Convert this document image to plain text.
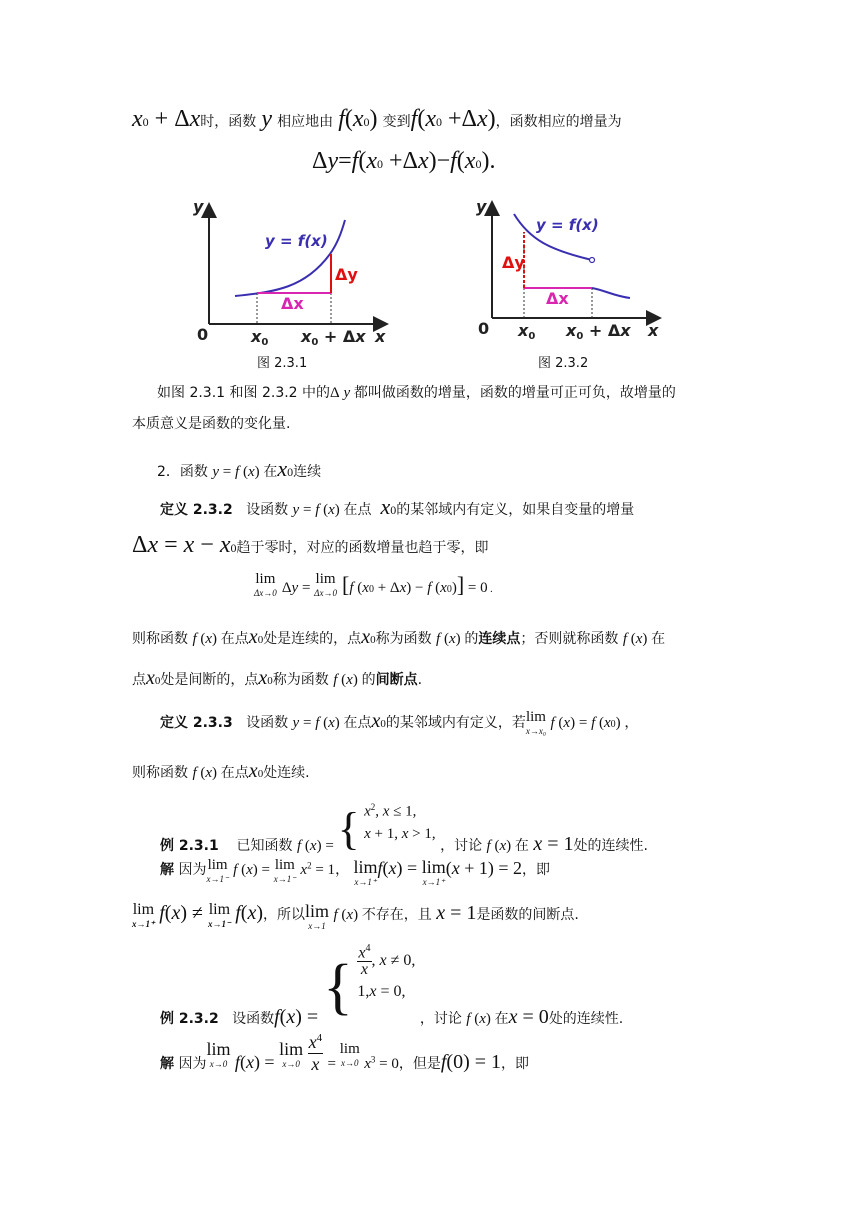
x0 + Δx时，函数 y 相应地由 f(x0) 变到f(x0 +Δx)，函数相应的增量为
Δy=f(x0 +Δx)−f(x0).
y
y = f(x)
Δy
Δx
0	x0 x0 + Δx x
图 2.3.1
y
y = f(x)
Δy
Δx
0 x0 x0 + Δx x
图 2.3.2
如图 2.3.1 和图 2.3.2 中的Δ y 都叫做函数的增量，函数的增量可正可负，故增量的
本质意义是函数的变化量.
2．函数 y = f (x) 在x0连续
定义 2.3.2 设函数 y = f (x) 在点 x0的某邻域内有定义，如果自变量的增量
Δx = x − x0趋于零时，对应的函数增量也趋于零，即
lim
Δx→0 Δy =
lim
Δx→0 [f (x0 + Δx) − f (x0)] = 0 .
则称函数 f (x) 在点x0处是连续的，点x0称为函数 f (x) 的连续点；否则就称函数 f (x) 在
点x0处是间断的，点x0称为函数 f (x) 的间断点.
定义 2.3.3 设函数 y = f (x) 在点x0的某邻域内有定义，若 lim
x→x₀ f (x) = f (x0) ，
则称函数 f (x) 在点x0处连续.
例 2.3.1 已知函数 f (x) = { $x^2$, x ≤ 1,
x + 1, x > 1, ，讨论 f (x) 在 x = 1处的连续性.
解 因为 lim
x→1⁻
f (x) = lim
x→1⁻
$x^2 = 1$， lim
x→1⁺
f(x) = lim
x→1⁺
(x + 1) = 2，即
lim
x→1⁺ f(x) ≠ lim
x→1⁻ f(x)，所以 lim
x→1
f (x) 不存在，且 x = 1是函数的间断点.
例 2.3.2 设函数f(x) = { $\frac{x^4}{x}$ , x ≠ 0,
1,x = 0, ，讨论 f (x) 在x = 0处的连续性.
解 因为
lim
x→0 f(x) =
lim
x→0
$\frac{x^4}{x}$ =
lim
x→0 $x^3 = 0$，但是f(0) = 1，即
